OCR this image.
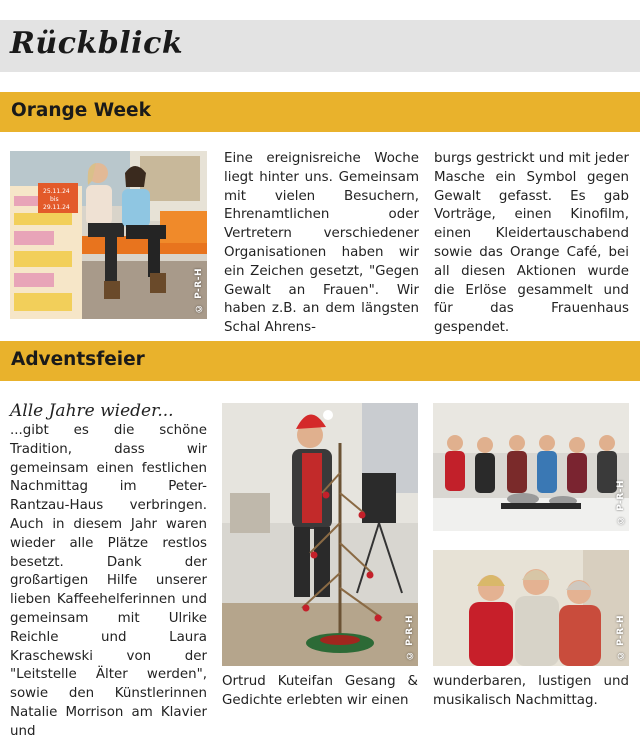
Rückblick
Orange Week
25.11.24
bis
29.11.24
© P-R-H

Eine ereignisreiche Woche liegt hinter uns. Gemeinsam mit vielen Besuchern, Ehrenamtlichen oder Vertretern verschiedener Organisationen haben wir ein Zeichen gesetzt, "Gegen Gewalt an Frauen". Wir haben z.B. an dem längsten Schal Ahrens-

burgs gestrickt und mit jeder Masche ein Symbol gegen Gewalt gefasst. Es gab Vorträge, einen Kinofilm, einen Kleidertauschabend sowie das Orange Café, bei all diesen Aktionen wurde die Erlöse gesammelt und für das Frauenhaus gespendet.

Adventsfeier

Alle Jahre wieder...

...gibt es die schöne Tradition, dass wir gemeinsam einen festlichen Nachmittag im Peter-Rantzau-Haus verbringen. Auch in diesem Jahr waren wieder alle Plätze restlos besetzt. Dank der großartigen Hilfe unserer lieben Kaffeehelferinnen und gemeinsam mit Ulrike Reichle und Laura Kraschewski von der "Leitstelle Älter werden", sowie den Künstlerinnen Natalie Morrison am Klavier und

© P-R-H
© P-R-H
© P-R-H

Ortrud Kuteifan Gesang & Gedichte erlebten wir einen

wunderbaren, lustigen und musikalisch Nachmittag.
